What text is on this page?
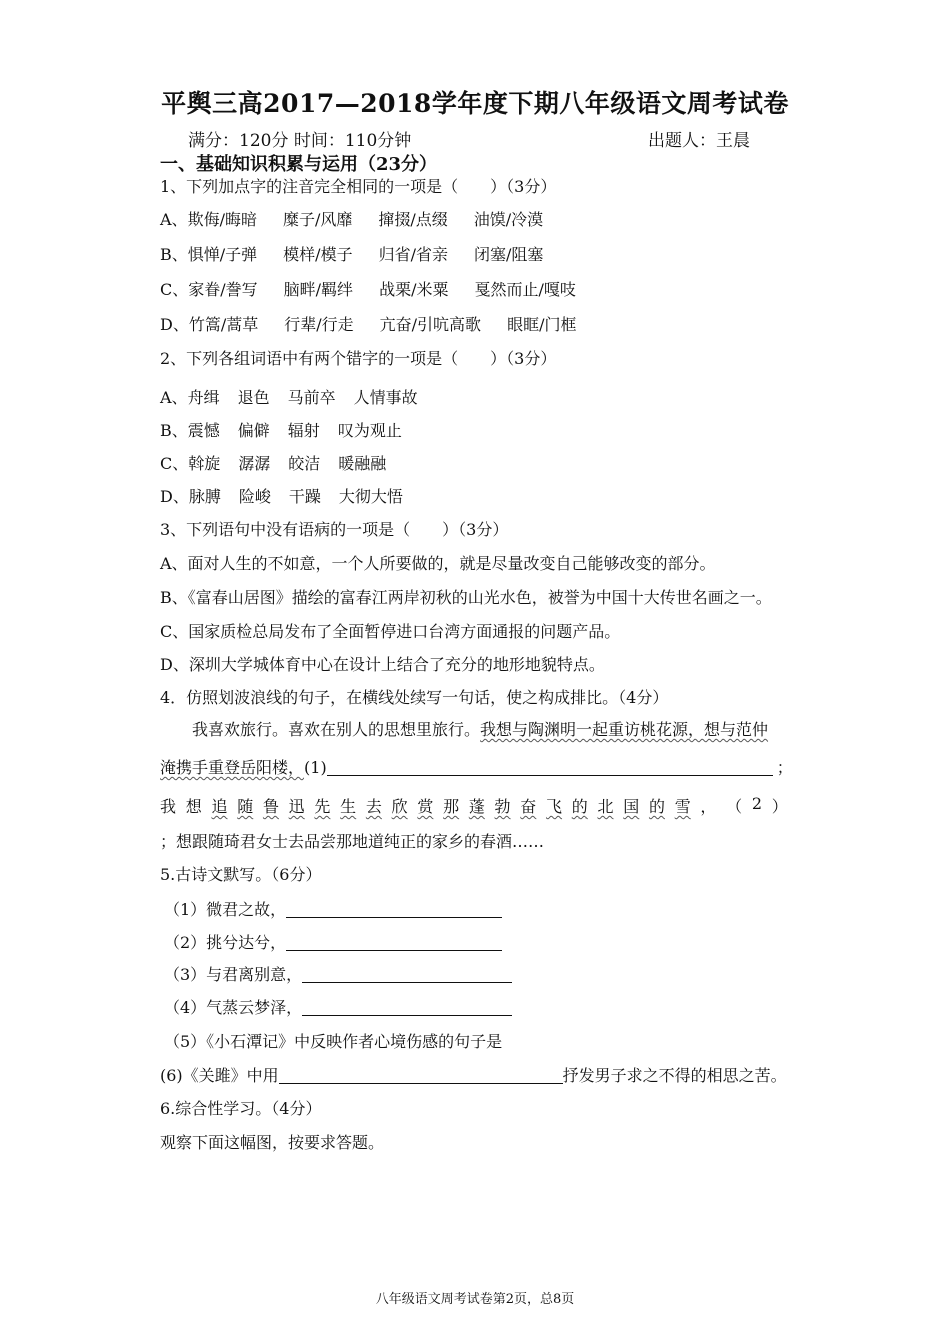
平舆三高2017—2018学年度下期八年级语文周考试卷
满分：120分 时间：110分钟	出题人：王晨
一、基础知识积累与运用（23分）
1、下列加点字的注音完全相同的一项是（　　）（3分）
A、欺侮/晦暗 糜子/风靡 撺掇/点缀 油馍/冷漠
B、惧惮/子弹 模样/模子 归省/省亲 闭塞/阻塞
C、家眷/誊写 脑畔/羁绊 战栗/米粟 戛然而止/嘎吱
D、竹篙/蒿草 行辈/行走 亢奋/引吭高歌 眼眶/门框
2、下列各组词语中有两个错字的一项是（　　）（3分）
A、舟缉 退色 马前卒 人情事故
B、震憾 偏僻 辐射 叹为观止
C、斡旋 潺潺 皎洁 暖融融
D、脉膊 险峻 干躁 大彻大悟
3、下列语句中没有语病的一项是（　　）（3分）
A、面对人生的不如意，一个人所要做的，就是尽量改变自己能够改变的部分。
B、《富春山居图》描绘的富春江两岸初秋的山光水色，被誉为中国十大传世名画之一。
C、国家质检总局发布了全面暂停进口台湾方面通报的问题产品。
D、深圳大学城体育中心在设计上结合了充分的地形地貌特点。
4．仿照划波浪线的句子，在横线处续写一句话，使之构成排比。（4分）
我喜欢旅行。喜欢在别人的思想里旅行。我想与陶渊明一起重访桃花源，想与范仲
淹携手重登岳阳楼，(1)	；
我 想 追 随 鲁 迅 先 生 去 欣 赏 那 蓬 勃 奋 飞 的 北 国 的 雪 ， （ 2 ）
；想跟随琦君女士去品尝那地道纯正的家乡的春酒……
5.古诗文默写。（6分）
（1）微君之故，
（2）挑兮达兮，
（3）与君离别意，
（4）气蒸云梦泽，
（5）《小石潭记》中反映作者心境伤感的句子是
(6)《关雎》中用	抒发男子求之不得的相思之苦。
6.综合性学习。（4分）
观察下面这幅图，按要求答题。
八年级语文周考试卷第2页，总8页
